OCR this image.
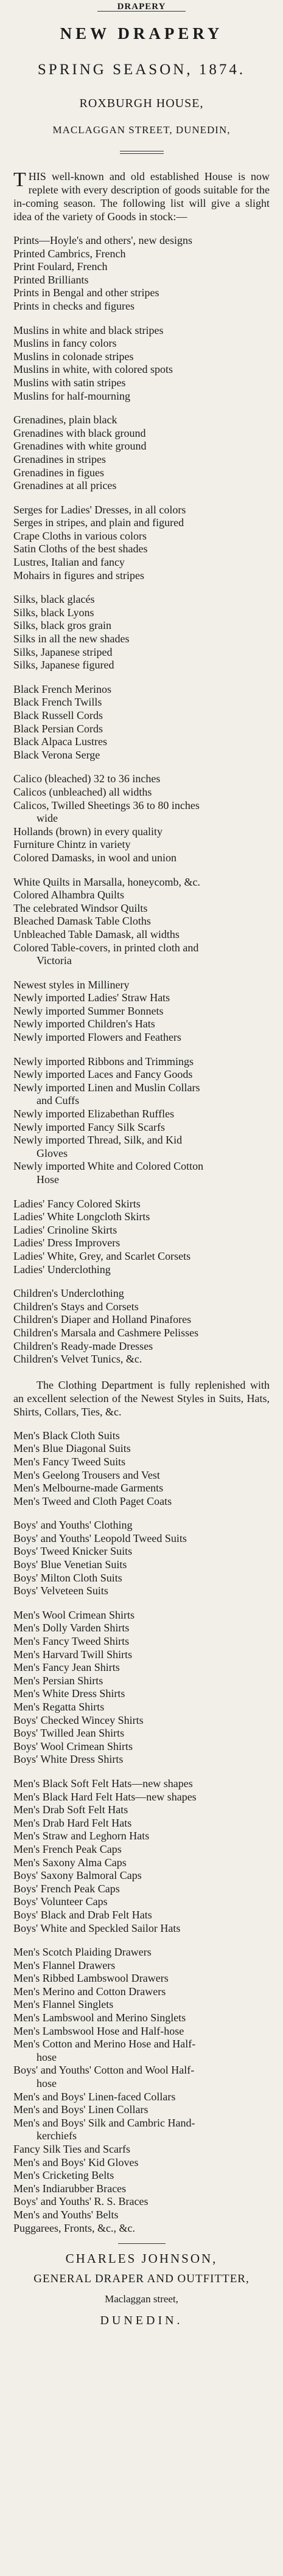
DRAPERY
NEW DRAPERY
SPRING SEASON, 1874.
ROXBURGH HOUSE,
MACLAGGAN STREET, DUNEDIN,
THIS well-known and old established House is now replete with every description of goods suitable for the in-coming season. The following list will give a slight idea of the variety of Goods in stock:—
Prints—Hoyle's and others', new designs
Printed Cambrics, French
Print Foulard, French
Printed Brilliants
Prints in Bengal and other stripes
Prints in checks and figures
Muslins in white and black stripes
Muslins in fancy colors
Muslins in colonade stripes
Muslins in white, with colored spots
Muslins with satin stripes
Muslins for half-mourning
Grenadines, plain black
Grenadines with black ground
Grenadines with white ground
Grenadines in stripes
Grenadines in figues
Grenadines at all prices
Serges for Ladies' Dresses, in all colors
Serges in stripes, and plain and figured
Crape Cloths in various colors
Satin Cloths of the best shades
Lustres, Italian and fancy
Mohairs in figures and stripes
Silks, black glacés
Silks, black Lyons
Silks, black gros grain
Silks in all the new shades
Silks, Japanese striped
Silks, Japanese figured
Black French Merinos
Black French Twills
Black Russell Cords
Black Persian Cords
Black Alpaca Lustres
Black Verona Serge
Calico (bleached) 32 to 36 inches
Calicos (unbleached) all widths
Calicos, Twilled Sheetings 36 to 80 inches
wide
Hollands (brown) in every quality
Furniture Chintz in variety
Colored Damasks, in wool and union
White Quilts in Marsalla, honeycomb, &c.
Colored Alhambra Quilts
The celebrated Windsor Quilts
Bleached Damask Table Cloths
Unbleached Table Damask, all widths
Colored Table-covers, in printed cloth and
Victoria
Newest styles in Millinery
Newly imported Ladies' Straw Hats
Newly imported Summer Bonnets
Newly imported Children's Hats
Newly imported Flowers and Feathers
Newly imported Ribbons and Trimmings
Newly imported Laces and Fancy Goods
Newly imported Linen and Muslin Collars
and Cuffs
Newly imported Elizabethan Ruffles
Newly imported Fancy Silk Scarfs
Newly imported Thread, Silk, and Kid
Gloves
Newly imported White and Colored Cotton
Hose
Ladies' Fancy Colored Skirts
Ladies' White Longcloth Skirts
Ladies' Crinoline Skirts
Ladies' Dress Improvers
Ladies' White, Grey, and Scarlet Corsets
Ladies' Underclothing
Children's Underclothing
Children's Stays and Corsets
Children's Diaper and Holland Pinafores
Children's Marsala and Cashmere Pelisses
Children's Ready-made Dresses
Children's Velvet Tunics, &c.
The Clothing Department is fully replenished with an excellent selection of the Newest Styles in Suits, Hats, Shirts, Collars, Ties, &c.
Men's Black Cloth Suits
Men's Blue Diagonal Suits
Men's Fancy Tweed Suits
Men's Geelong Trousers and Vest
Men's Melbourne-made Garments
Men's Tweed and Cloth Paget Coats
Boys' and Youths' Clothing
Boys' and Youths' Leopold Tweed Suits
Boys' Tweed Knicker Suits
Boys' Blue Venetian Suits
Boys' Milton Cloth Suits
Boys' Velveteen Suits
Men's Wool Crimean Shirts
Men's Dolly Varden Shirts
Men's Fancy Tweed Shirts
Men's Harvard Twill Shirts
Men's Fancy Jean Shirts
Men's Persian Shirts
Men's White Dress Shirts
Men's Regatta Shirts
Boys' Checked Wincey Shirts
Boys' Twilled Jean Shirts
Boys' Wool Crimean Shirts
Boys' White Dress Shirts
Men's Black Soft Felt Hats—new shapes
Men's Black Hard Felt Hats—new shapes
Men's Drab Soft Felt Hats
Men's Drab Hard Felt Hats
Men's Straw and Leghorn Hats
Men's French Peak Caps
Men's Saxony Alma Caps
Boys' Saxony Balmoral Caps
Boys' French Peak Caps
Boys' Volunteer Caps
Boys' Black and Drab Felt Hats
Boys' White and Speckled Sailor Hats
Men's Scotch Plaiding Drawers
Men's Flannel Drawers
Men's Ribbed Lambswool Drawers
Men's Merino and Cotton Drawers
Men's Flannel Singlets
Men's Lambswool and Merino Singlets
Men's Lambswool Hose and Half-hose
Men's Cotton and Merino Hose and Half-
hose
Boys' and Youths' Cotton and Wool Half-
hose
Men's and Boys' Linen-faced Collars
Men's and Boys' Linen Collars
Men's and Boys' Silk and Cambric Hand-
kerchiefs
Fancy Silk Ties and Scarfs
Men's and Boys' Kid Gloves
Men's Cricketing Belts
Men's Indiarubber Braces
Boys' and Youths' R. S. Braces
Men's and Youths' Belts
Puggarees, Fronts, &c., &c.
CHARLES JOHNSON,
GENERAL DRAPER AND OUTFITTER,
Maclaggan street,
DUNEDIN.
